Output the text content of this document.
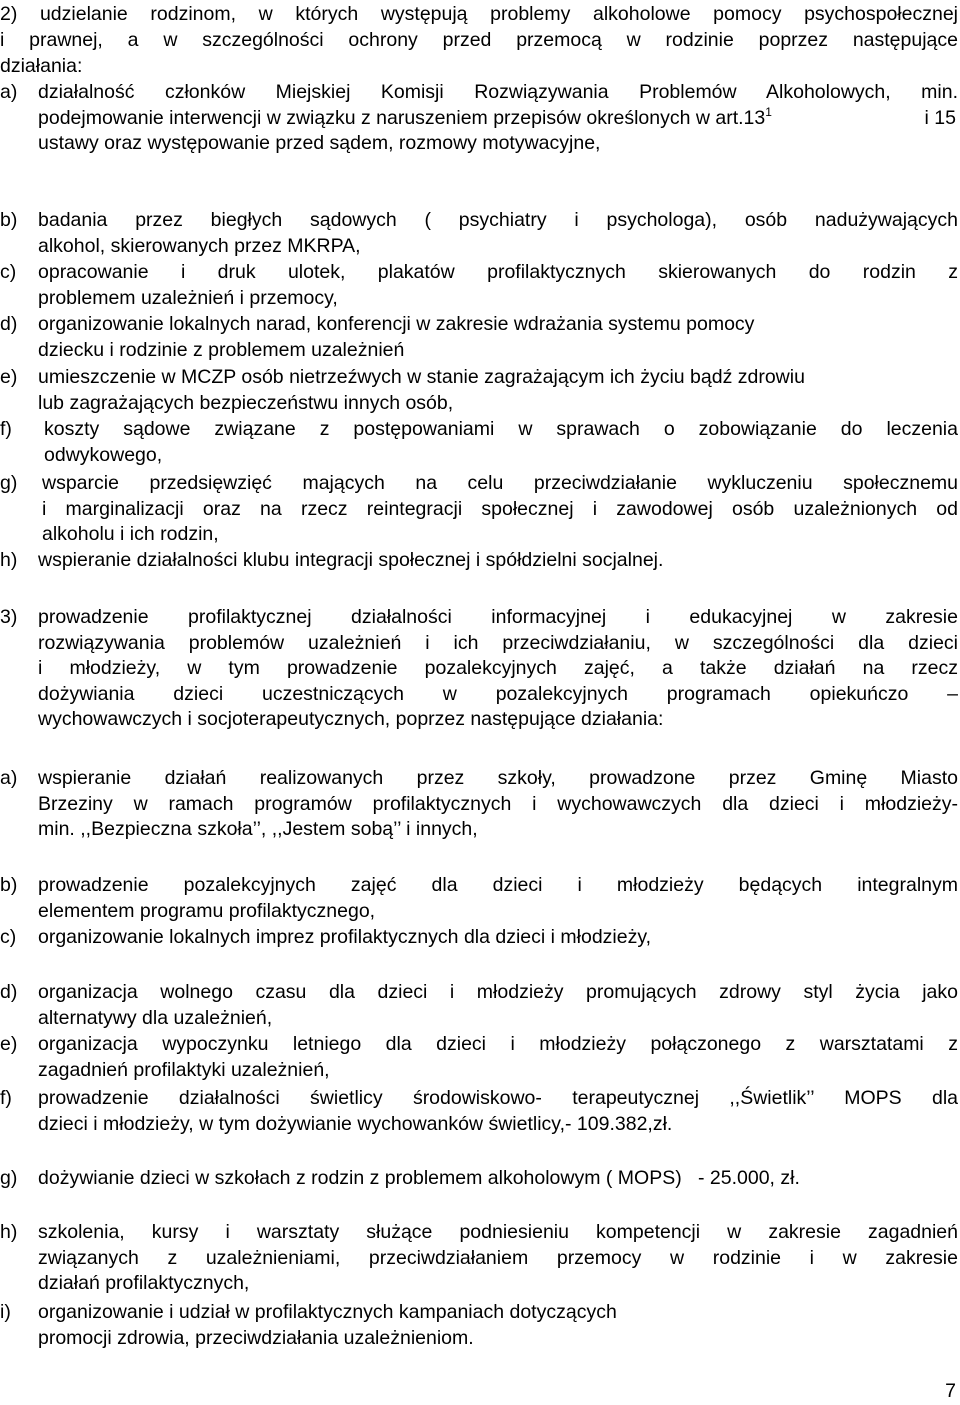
2) udzielanie rodzinom, w których występują problemy alkoholowe pomocy psychospołecznej
i prawnej, a w szczególności ochrony przed przemocą w rodzinie poprzez następujące
działania:
a)	działalność członków Miejskiej Komisji Rozwiązywania Problemów Alkoholowych, min.
podejmowanie interwencji w związku z naruszeniem przepisów określonych w $art.13^1$	i 15
ustawy oraz występowanie przed sądem, rozmowy motywacyjne,
b)	badania przez biegłych sądowych ( psychiatry i psychologa), osób nadużywających
alkohol, skierowanych przez MKRPA,
c)	opracowanie i druk ulotek, plakatów profilaktycznych skierowanych do rodzin z
problemem uzależnień i przemocy,
d)	organizowanie lokalnych narad, konferencji w zakresie wdrażania systemu pomocy
dziecku i rodzinie z problemem uzależnień
e)	umieszczenie w MCZP osób nietrzeźwych w stanie zagrażającym ich życiu bądź zdrowiu
lub zagrażających bezpieczeństwu innych osób,
f)	koszty sądowe związane z postępowaniami w sprawach o zobowiązanie do leczenia
odwykowego,
g)	wsparcie przedsięwzięć mających na celu przeciwdziałanie wykluczeniu społecznemu
i marginalizacji oraz na rzecz reintegracji społecznej i zawodowej osób uzależnionych od
alkoholu i ich rodzin,
h)	wspieranie działalności klubu integracji społecznej i spółdzielni socjalnej.
3)	prowadzenie profilaktycznej działalności informacyjnej i edukacyjnej w zakresie
rozwiązywania problemów uzależnień i ich przeciwdziałaniu, w szczególności dla dzieci
i młodzieży, w tym prowadzenie pozalekcyjnych zajęć, a także działań na rzecz
dożywiania dzieci uczestniczących w pozalekcyjnych programach opiekuńczo –
wychowawczych i socjoterapeutycznych, poprzez następujące działania:
a)	wspieranie działań realizowanych przez szkoły, prowadzone przez Gminę Miasto
Brzeziny w ramach programów profilaktycznych i wychowawczych dla dzieci i młodzieży-
min. ,,Bezpieczna szkoła’’, ,,Jestem sobą’’ i innych,
b)	prowadzenie pozalekcyjnych zajęć dla dzieci i młodzieży będących integralnym
elementem programu profilaktycznego,
c)	organizowanie lokalnych imprez profilaktycznych dla dzieci i młodzieży,
d)	organizacja wolnego czasu dla dzieci i młodzieży promujących zdrowy styl życia jako
alternatywy dla uzależnień,
e)	organizacja wypoczynku letniego dla dzieci i młodzieży połączonego z warsztatami z
zagadnień profilaktyki uzależnień,
f)	prowadzenie działalności świetlicy środowiskowo- terapeutycznej ,,Świetlik’’ MOPS dla
dzieci i młodzieży, w tym dożywianie wychowanków świetlicy,- 109.382,zł.
g)	dożywianie dzieci w szkołach z rodzin z problemem alkoholowym ( MOPS)   - 25.000, zł.
h)	szkolenia, kursy i warsztaty służące podniesieniu kompetencji w zakresie zagadnień
związanych z uzależnieniami, przeciwdziałaniem przemocy w rodzinie i w zakresie
działań profilaktycznych,
i)	organizowanie i udział w profilaktycznych kampaniach dotyczących
promocji zdrowia, przeciwdziałania uzależnieniom.
7
